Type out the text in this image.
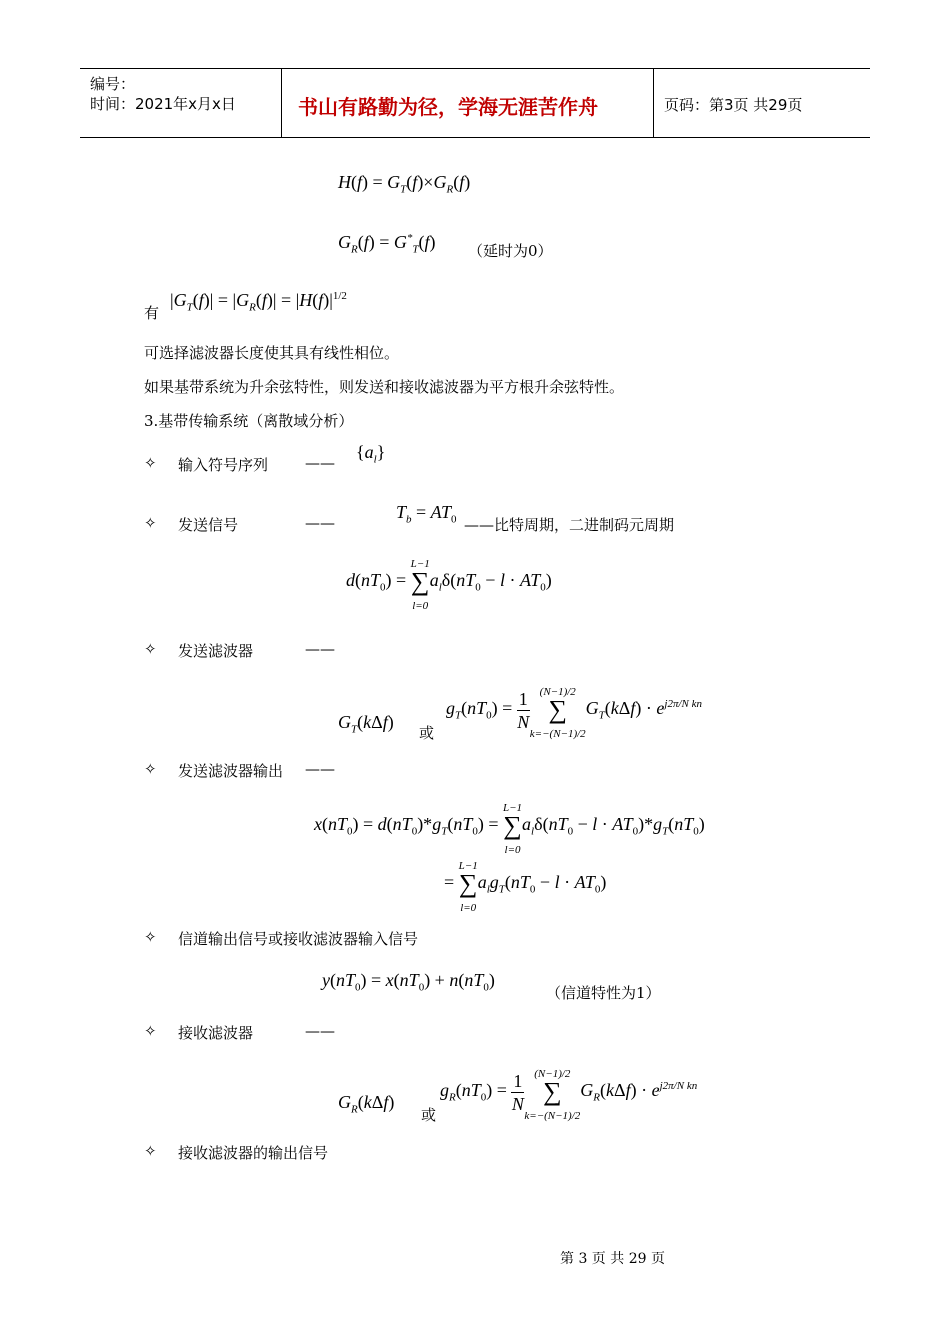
编号：
时间：2021年x月x日	书山有路勤为径，学海无涯苦作舟	页码：第3页 共29页
$H(f) = G_T(f)\times G_R(f)$
$G_R(f) = G^*_T(f)$ （延时为0）
有
$|G_T(f)| = |G_R(f)| = |H(f)|^{1/2}$
可选择滤波器长度使其具有线性相位。
如果基带系统为升余弦特性，则发送和接收滤波器为平方根升余弦特性。
3.基带传输系统（离散域分析）
✧ 输入符号序列 ——
$\{a_l\}$
✧ 发送信号	——
$T_b = AT_0$ ——比特周期，二进制码元周期
$d(nT_0) = L-1$
∑
$l=0a_l\delta(nT_0 - l \cdot AT_0)$
✧ 发送滤波器	——
$G_T(k\Delta f)$
或
$g_T(nT_0) = \frac{1}{N} (N-1)/2$
∑
$k=-(N-1)/2G_T(k\Delta f) \cdot e^{j2\pi/N kn}$
✧ 发送滤波器输出 ——
$x(nT_0) = d(nT_0)*g_T(nT_0) = L-1$
∑
$l=0a_l\delta(nT_0 - l \cdot AT_0)*g_T(nT_0)$
= L−1
∑
$l=0a_lg_T(nT_0 - l \cdot AT_0)$
✧ 信道输出信号或接收滤波器输入信号
$y(nT_0) = x(nT_0) + n(nT_0)$
（信道特性为1）
✧ 接收滤波器	——
$G_R(k\Delta f)$
或
$g_R(nT_0) = \frac{1}{N} (N-1)/2$
∑
$k=-(N-1)/2G_R(k\Delta f) \cdot e^{j2\pi/N kn}$
✧ 接收滤波器的输出信号
第 3 页 共 29 页
